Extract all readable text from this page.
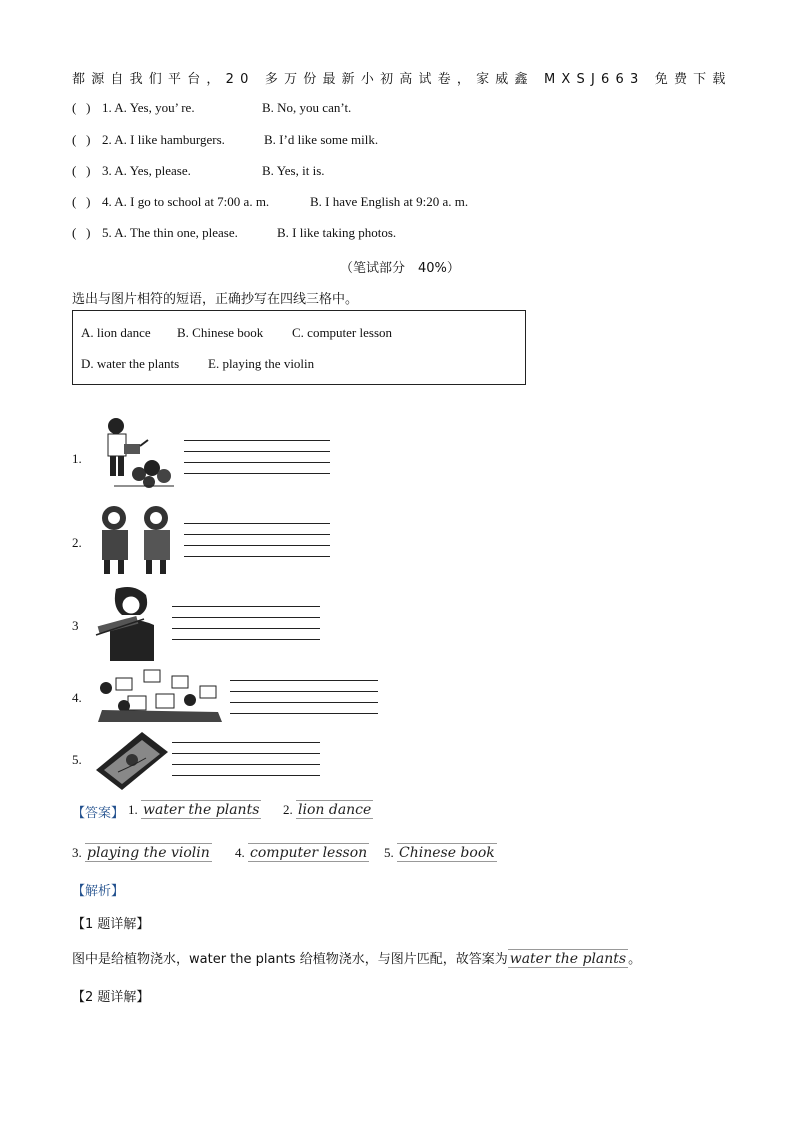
都源自我们平台，20 多万份最新小初高试卷，家威鑫 MXSJ663 免费下载
( ) 1. A. Yes, you’ re.	B. No, you can’t.
( ) 2. A. I like hamburgers.	B. I’d like some milk.
( ) 3. A. Yes, please.	B. Yes, it is.
( ) 4. A. I go to school at 7:00 a. m.	B. I have English at 9:20 a. m.
( ) 5. A. The thin one, please.	B. I like taking photos.
（笔试部分　40%）
选出与图片相符的短语，正确抄写在四线三格中。
A. lion dance B. Chinese book C. computer lesson
D. water the plants E. playing the violin
1.
2.
3
4.
5.
【答案】 1. water the plants 2. lion dance
3. playing the violin 4. computer lesson 5. Chinese book
【解析】
【1 题详解】
图中是给植物浇水，water the plants 给植物浇水，与图片匹配，故答案为 water the plants 。
【2 题详解】
